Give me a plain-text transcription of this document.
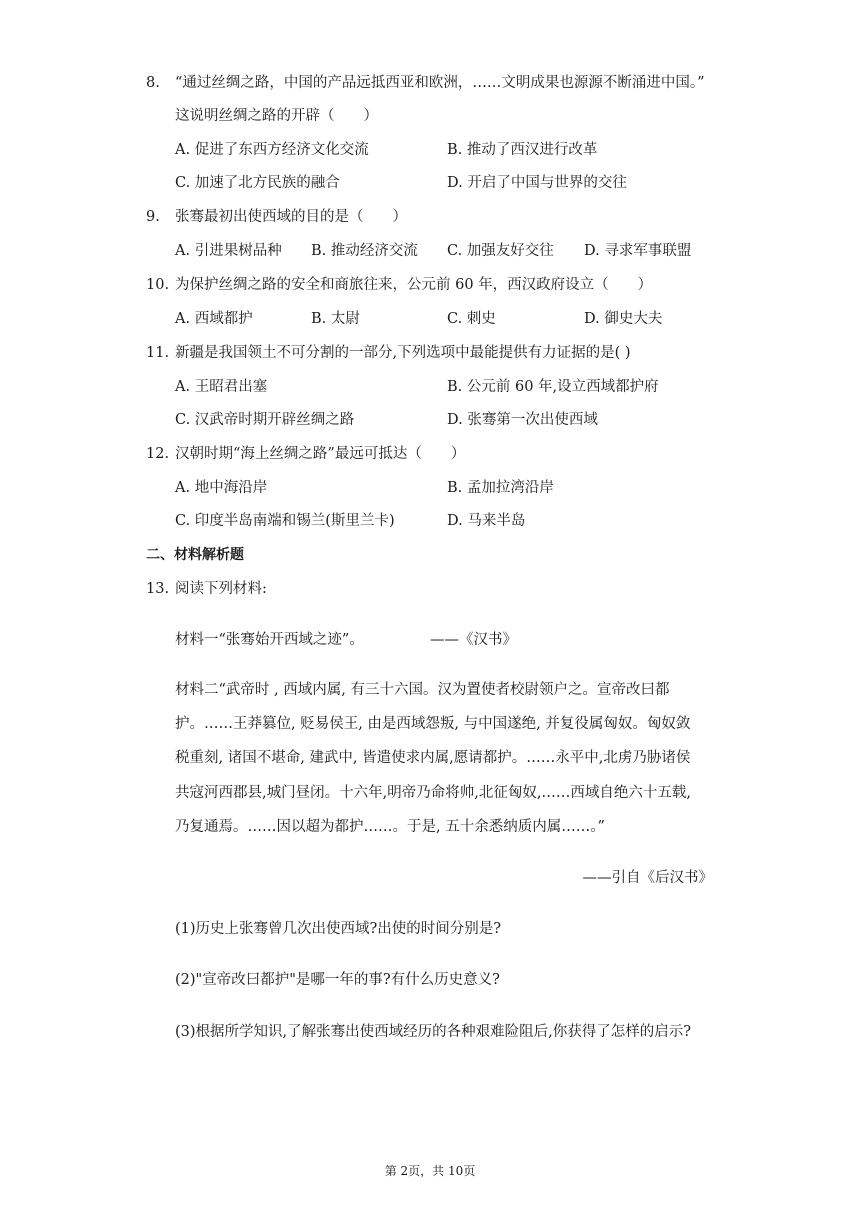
8. “通过丝绸之路，中国的产品远抵西亚和欧洲，……文明成果也源源不断涌进中国。”
这说明丝绸之路的开辟（　　）
A. 促进了东西方经济文化交流	B. 推动了西汉进行改革
C. 加速了北方民族的融合	D. 开启了中国与世界的交往
9. 张骞最初出使西域的目的是（　　）
A. 引进果树品种 B. 推动经济交流 C. 加强友好交往 D. 寻求军事联盟
10. 为保护丝绸之路的安全和商旅往来，公元前 60 年，西汉政府设立（　　）
A. 西域都护	B. 太尉	C. 刺史	D. 御史大夫
11. 新疆是我国领土不可分割的一部分,下列选项中最能提供有力证据的是( )
A. 王昭君出塞	B. 公元前 60 年,设立西域都护府
C. 汉武帝时期开辟丝绸之路	D. 张骞第一次出使西域
12. 汉朝时期“海上丝绸之路”最远可抵达（　　）
A. 地中海沿岸	B. 孟加拉湾沿岸
C. 印度半岛南端和锡兰(斯里兰卡)	D. 马来半岛
二、材料解析题
13. 阅读下列材料:
材料一“张骞始开西域之迹”。	——《汉书》
材料二“武帝时 , 西域内属, 有三十六国。汉为置使者校尉领户之。宣帝改曰都
护。……王莽篡位, 贬易侯王, 由是西域怨叛, 与中国遂绝, 并复役属匈奴。匈奴敛
税重刻, 诸国不堪命, 建武中, 皆遣使求内属,愿请都护。……永平中,北虏乃胁诸侯
共寇河西郡县,城门昼闭。十六年,明帝乃命将帅,北征匈奴,……西域自绝六十五载,
乃复通焉。……因以超为都护……。于是, 五十余悉纳质内属……。”
——引自《后汉书》
(1)历史上张骞曾几次出使西域?出使的时间分别是?
(2)"宣帝改曰都护"是哪一年的事?有什么历史意义?
(3)根据所学知识,了解张骞出使西域经历的各种艰难险阻后,你获得了怎样的启示?
第 2页，共 10页
